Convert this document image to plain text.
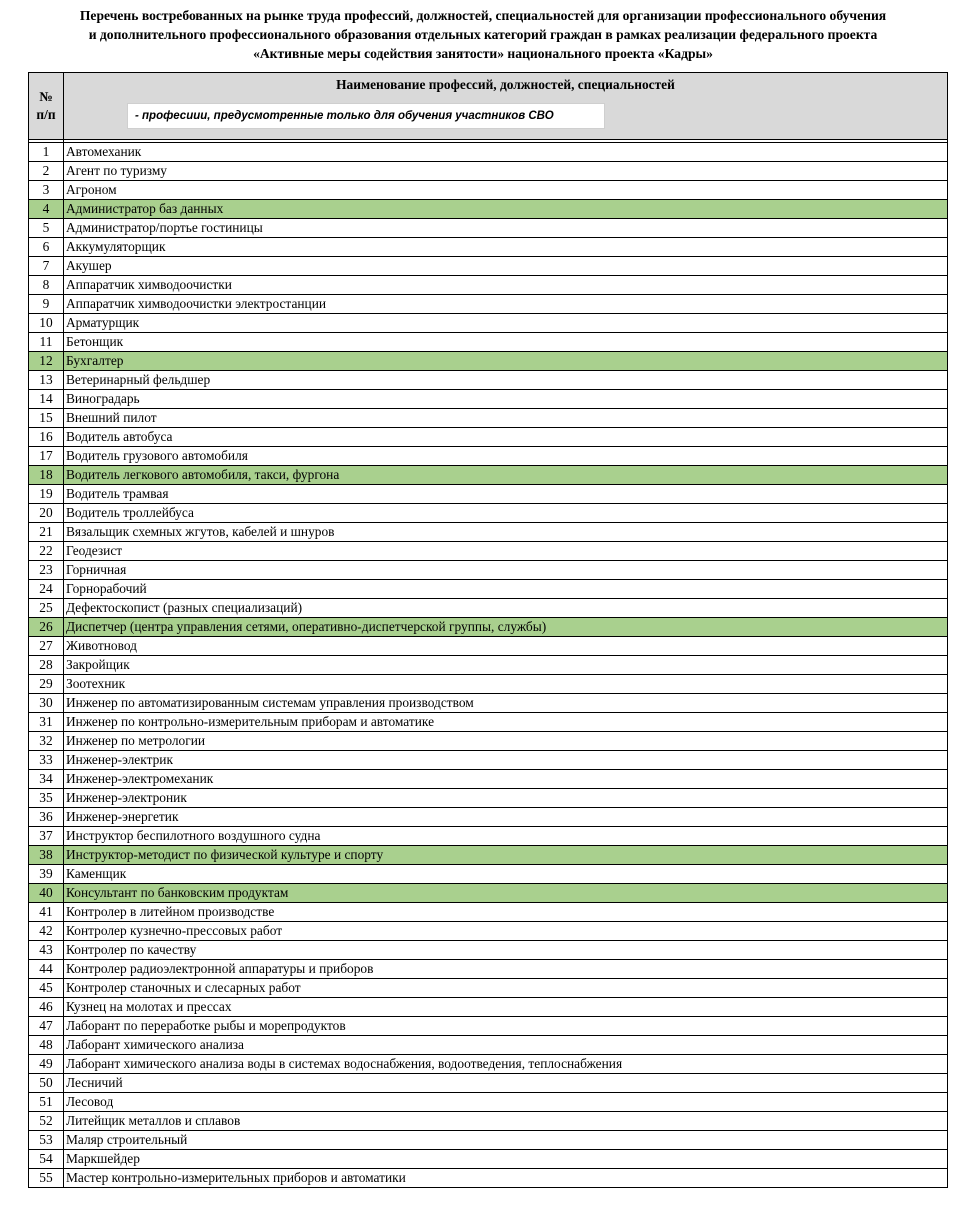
Перечень востребованных на рынке труда профессий, должностей, специальностей для организации профессионального обучения
и дополнительного профессионального образования отдельных категорий граждан в рамках реализации федерального проекта
«Активные меры содействия занятости» национального проекта «Кадры»
№
п/п	Наименование профессий, должностей, специальностей
- професиии, предусмотренные только для обучения участников СВО

1	Автомеханик
2	Агент по туризму
3	Агроном
4	Администратор баз данных
5	Администратор/портье гостиницы
6	Аккумуляторщик
7	Акушер
8	Аппаратчик химводоочистки
9	Аппаратчик химводоочистки электростанции
10	Арматурщик
11	Бетонщик
12	Бухгалтер
13	Ветеринарный фельдшер
14	Виноградарь
15	Внешний пилот
16	Водитель автобуса
17	Водитель грузового автомобиля
18	Водитель легкового автомобиля, такси, фургона
19	Водитель трамвая
20	Водитель троллейбуса
21	Вязальщик схемных жгутов, кабелей и шнуров
22	Геодезист
23	Горничная
24	Горнорабочий
25	Дефектоскопист (разных специализаций)
26	Диспетчер (центра управления сетями, оперативно-диспетчерской группы, службы)
27	Животновод
28	Закройщик
29	Зоотехник
30	Инженер по автоматизированным системам управления производством
31	Инженер по контрольно-измерительным приборам и автоматике
32	Инженер по метрологии
33	Инженер-электрик
34	Инженер-электромеханик
35	Инженер-электроник
36	Инженер-энергетик
37	Инструктор беспилотного воздушного судна
38	Инструктор-методист по физической культуре и спорту
39	Каменщик
40	Консультант по банковским продуктам
41	Контролер в литейном производстве
42	Контролер кузнечно-прессовых работ
43	Контролер по качеству
44	Контролер радиоэлектронной аппаратуры и приборов
45	Контролер станочных и слесарных работ
46	Кузнец на молотах и прессах
47	Лаборант по переработке рыбы и морепродуктов
48	Лаборант химического анализа
49	Лаборант химического анализа воды в системах водоснабжения, водоотведения, теплоснабжения
50	Лесничий
51	Лесовод
52	Литейщик металлов и сплавов
53	Маляр строительный
54	Маркшейдер
55	Мастер контрольно-измерительных приборов и автоматики
